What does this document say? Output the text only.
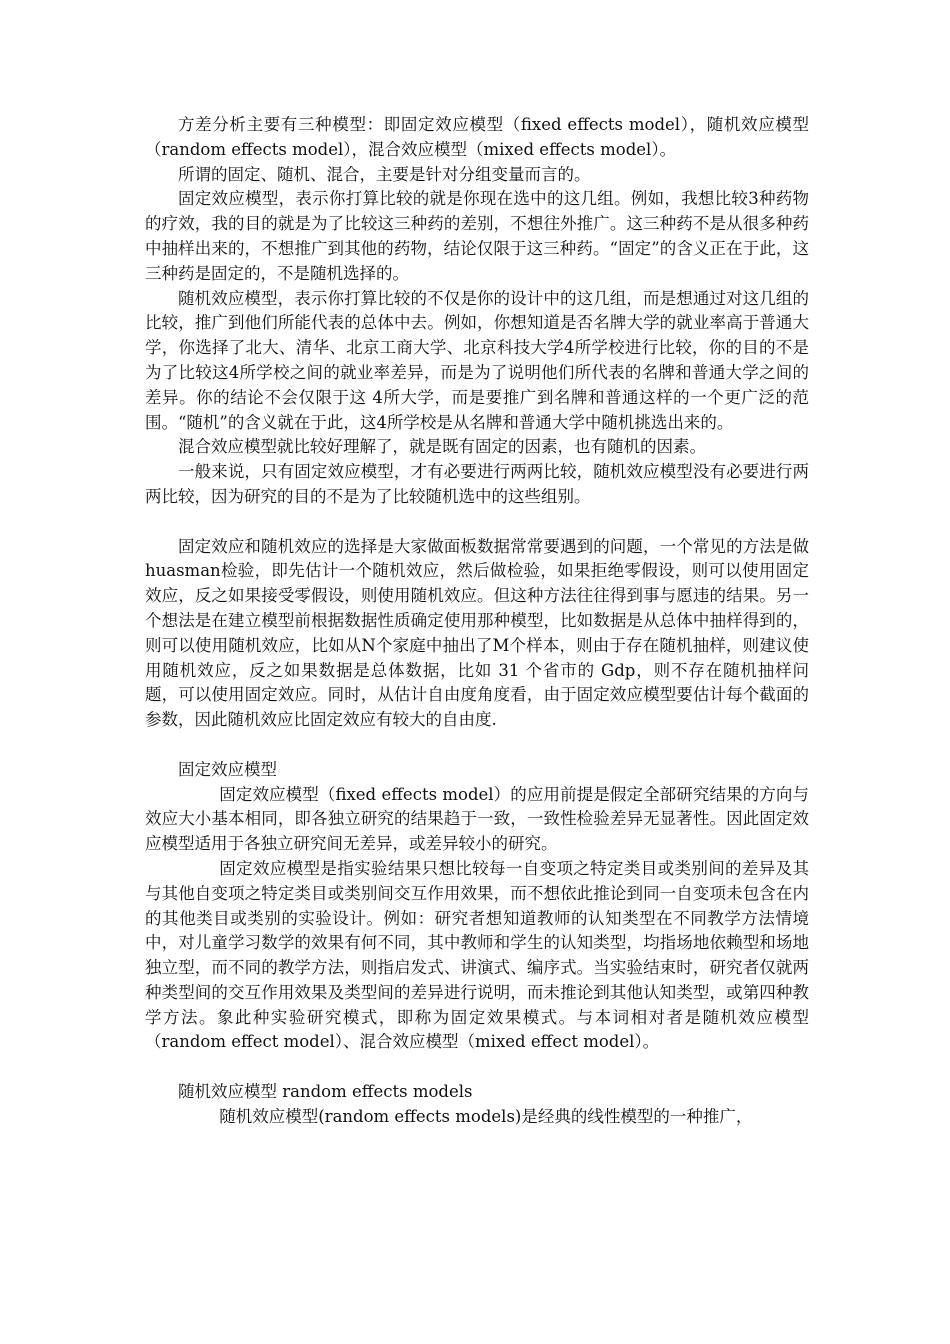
方差分析主要有三种模型：即固定效应模型（fixed effects model），随机效应模型（random effects model），混合效应模型（mixed effects model）。

所谓的固定、随机、混合，主要是针对分组变量而言的。

固定效应模型，表示你打算比较的就是你现在选中的这几组。例如，我想比较3种药物的疗效，我的目的就是为了比较这三种药的差别，不想往外推广。这三种药不是从很多种药中抽样出来的，不想推广到其他的药物，结论仅限于这三种药。“固定”的含义正在于此，这三种药是固定的，不是随机选择的。

随机效应模型，表示你打算比较的不仅是你的设计中的这几组，而是想通过对这几组的比较，推广到他们所能代表的总体中去。例如，你想知道是否名牌大学的就业率高于普通大学，你选择了北大、清华、北京工商大学、北京科技大学4所学校进行比较，你的目的不是为了比较这4所学校之间的就业率差异，而是为了说明他们所代表的名牌和普通大学之间的差异。你的结论不会仅限于这 4所大学，而是要推广到名牌和普通这样的一个更广泛的范围。“随机”的含义就在于此，这4所学校是从名牌和普通大学中随机挑选出来的。

混合效应模型就比较好理解了，就是既有固定的因素，也有随机的因素。

一般来说，只有固定效应模型，才有必要进行两两比较，随机效应模型没有必要进行两两比较，因为研究的目的不是为了比较随机选中的这些组别。

固定效应和随机效应的选择是大家做面板数据常常要遇到的问题，一个常见的方法是做huasman检验，即先估计一个随机效应，然后做检验，如果拒绝零假设，则可以使用固定效应，反之如果接受零假设，则使用随机效应。但这种方法往往得到事与愿违的结果。另一个想法是在建立模型前根据数据性质确定使用那种模型，比如数据是从总体中抽样得到的，则可以使用随机效应，比如从N个家庭中抽出了M个样本，则由于存在随机抽样，则建议使用随机效应，反之如果数据是总体数据，比如 31 个省市的 Gdp，则不存在随机抽样问题，可以使用固定效应。同时，从估计自由度角度看，由于固定效应模型要估计每个截面的参数，因此随机效应比固定效应有较大的自由度.

固定效应模型

固定效应模型（fixed effects model）的应用前提是假定全部研究结果的方向与效应大小基本相同，即各独立研究的结果趋于一致，一致性检验差异无显著性。因此固定效应模型适用于各独立研究间无差异，或差异较小的研究。

固定效应模型是指实验结果只想比较每一自变项之特定类目或类别间的差异及其与其他自变项之特定类目或类别间交互作用效果，而不想依此推论到同一自变项未包含在内的其他类目或类别的实验设计。例如：研究者想知道教师的认知类型在不同教学方法情境中，对儿童学习数学的效果有何不同，其中教师和学生的认知类型，均指场地依赖型和场地独立型，而不同的教学方法，则指启发式、讲演式、编序式。当实验结束时，研究者仅就两种类型间的交互作用效果及类型间的差异进行说明，而未推论到其他认知类型，或第四种教学方法。象此种实验研究模式，即称为固定效果模式。与本词相对者是随机效应模型（random effect model）、混合效应模型（mixed effect model）。

随机效应模型 random effects models

随机效应模型(random effects models)是经典的线性模型的一种推广，
